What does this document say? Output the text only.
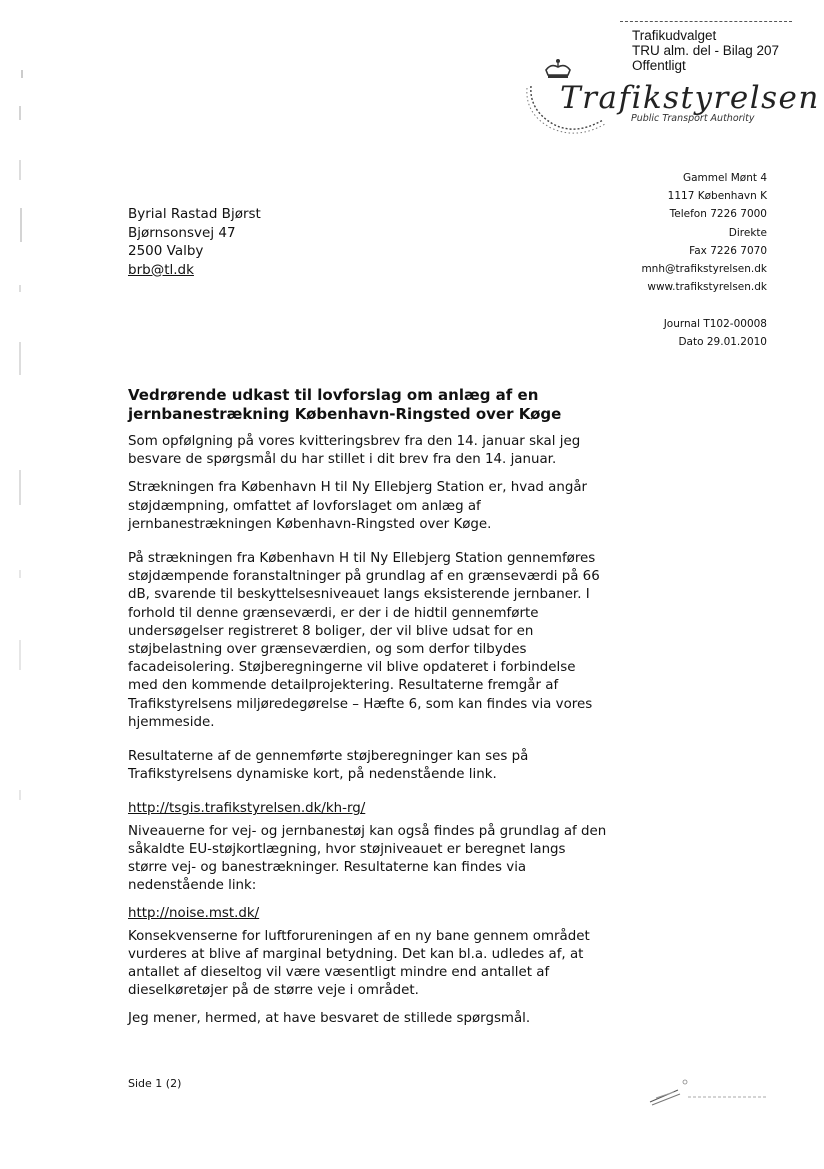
Trafikudvalget
TRU alm. del - Bilag 207
Offentligt
Trafikstyrelsen
Public Transport Authority
Byrial Rastad Bjørst
Bjørnsonsvej 47
2500 Valby
brb@tl.dk
Gammel Mønt 4
1117 København K
Telefon 7226 7000
Direkte
Fax 7226 7070
mnh@trafikstyrelsen.dk
www.trafikstyrelsen.dk
Journal T102-00008
Dato 29.01.2010
Vedrørende udkast til lovforslag om anlæg af en jernbanestrækning København-Ringsted over Køge

Som opfølgning på vores kvitteringsbrev fra den 14. januar skal jeg besvare de spørgsmål du har stillet i dit brev fra den 14. januar.

Strækningen fra København H til Ny Ellebjerg Station er, hvad angår støjdæmpning, omfattet af lovforslaget om anlæg af jernbanestrækningen København-Ringsted over Køge.

På strækningen fra København H til Ny Ellebjerg Station gennemføres støjdæmpende foranstaltninger på grundlag af en grænseværdi på 66 dB, svarende til beskyttelsesniveauet langs eksisterende jernbaner. I forhold til denne grænseværdi, er der i de hidtil gennemførte undersøgelser registreret 8 boliger, der vil blive udsat for en støjbelastning over grænseværdien, og som derfor tilbydes facadeisolering. Støjberegningerne vil blive opdateret i forbindelse med den kommende detailprojektering. Resultaterne fremgår af Trafikstyrelsens miljøredegørelse – Hæfte 6, som kan findes via vores hjemmeside.

Resultaterne af de gennemførte støjberegninger kan ses på Trafikstyrelsens dynamiske kort, på nedenstående link.

http://tsgis.trafikstyrelsen.dk/kh-rg/

Niveauerne for vej- og jernbanestøj kan også findes på grundlag af den såkaldte EU-støjkortlægning, hvor støjniveauet er beregnet langs større vej- og banestrækninger. Resultaterne kan findes via nedenstående link:

http://noise.mst.dk/

Konsekvenserne for luftforureningen af en ny bane gennem området vurderes at blive af marginal betydning. Det kan bl.a. udledes af, at antallet af dieseltog vil være væsentligt mindre end antallet af dieselkøretøjer på de større veje i området.

Jeg mener, hermed, at have besvaret de stillede spørgsmål.

Side 1 (2)
